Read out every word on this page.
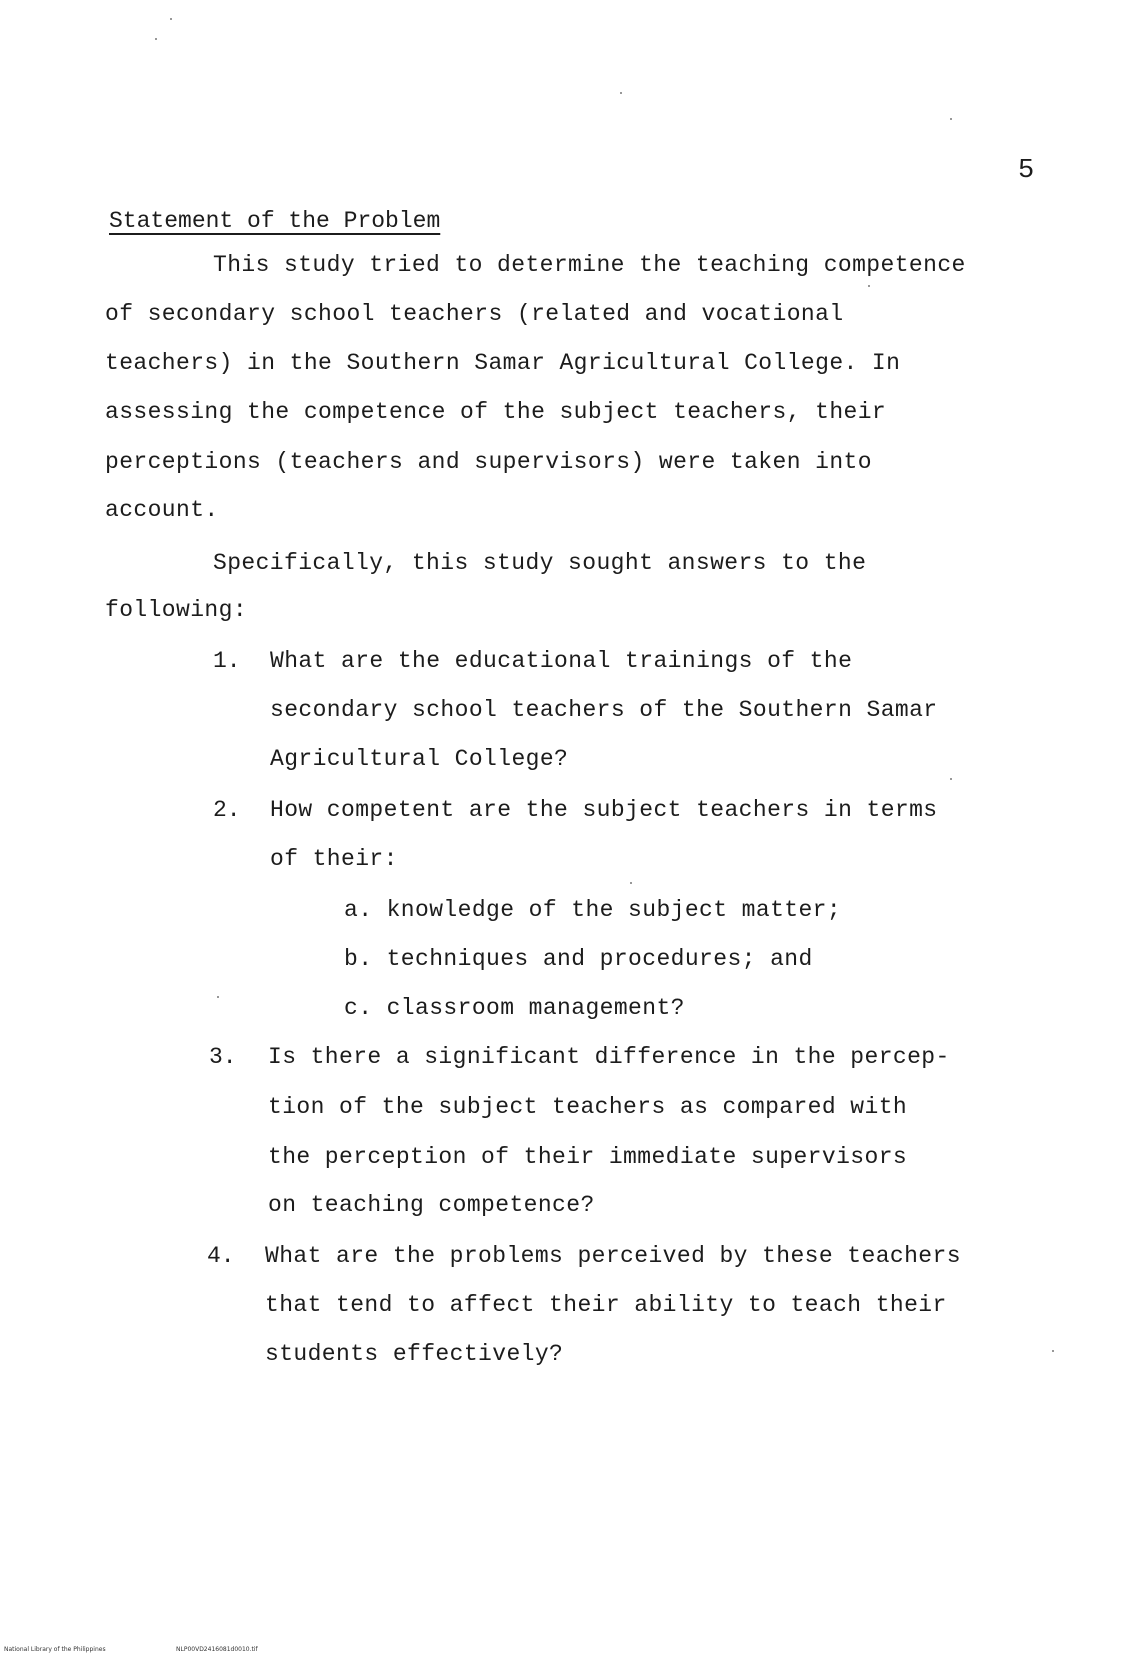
5
Statement of the Problem
This study tried to determine the teaching competence
of secondary school teachers (related and vocational
teachers) in the Southern Samar Agricultural College. In
assessing the competence of the subject teachers, their
perceptions (teachers and supervisors) were taken into
account.
Specifically, this study sought answers to the
following:
1. What are the educational trainings of the
secondary school teachers of the Southern Samar
Agricultural College?
2. How competent are the subject teachers in terms
of their:
a. knowledge of the subject matter;
b. techniques and procedures; and
c. classroom management?
3. Is there a significant difference in the percep-
tion of the subject teachers as compared with
the perception of their immediate supervisors
on teaching competence?
4. What are the problems perceived by these teachers
that tend to affect their ability to teach their
students effectively?
National Library of the Philippines	NLP00VD2416081d0010.tif
